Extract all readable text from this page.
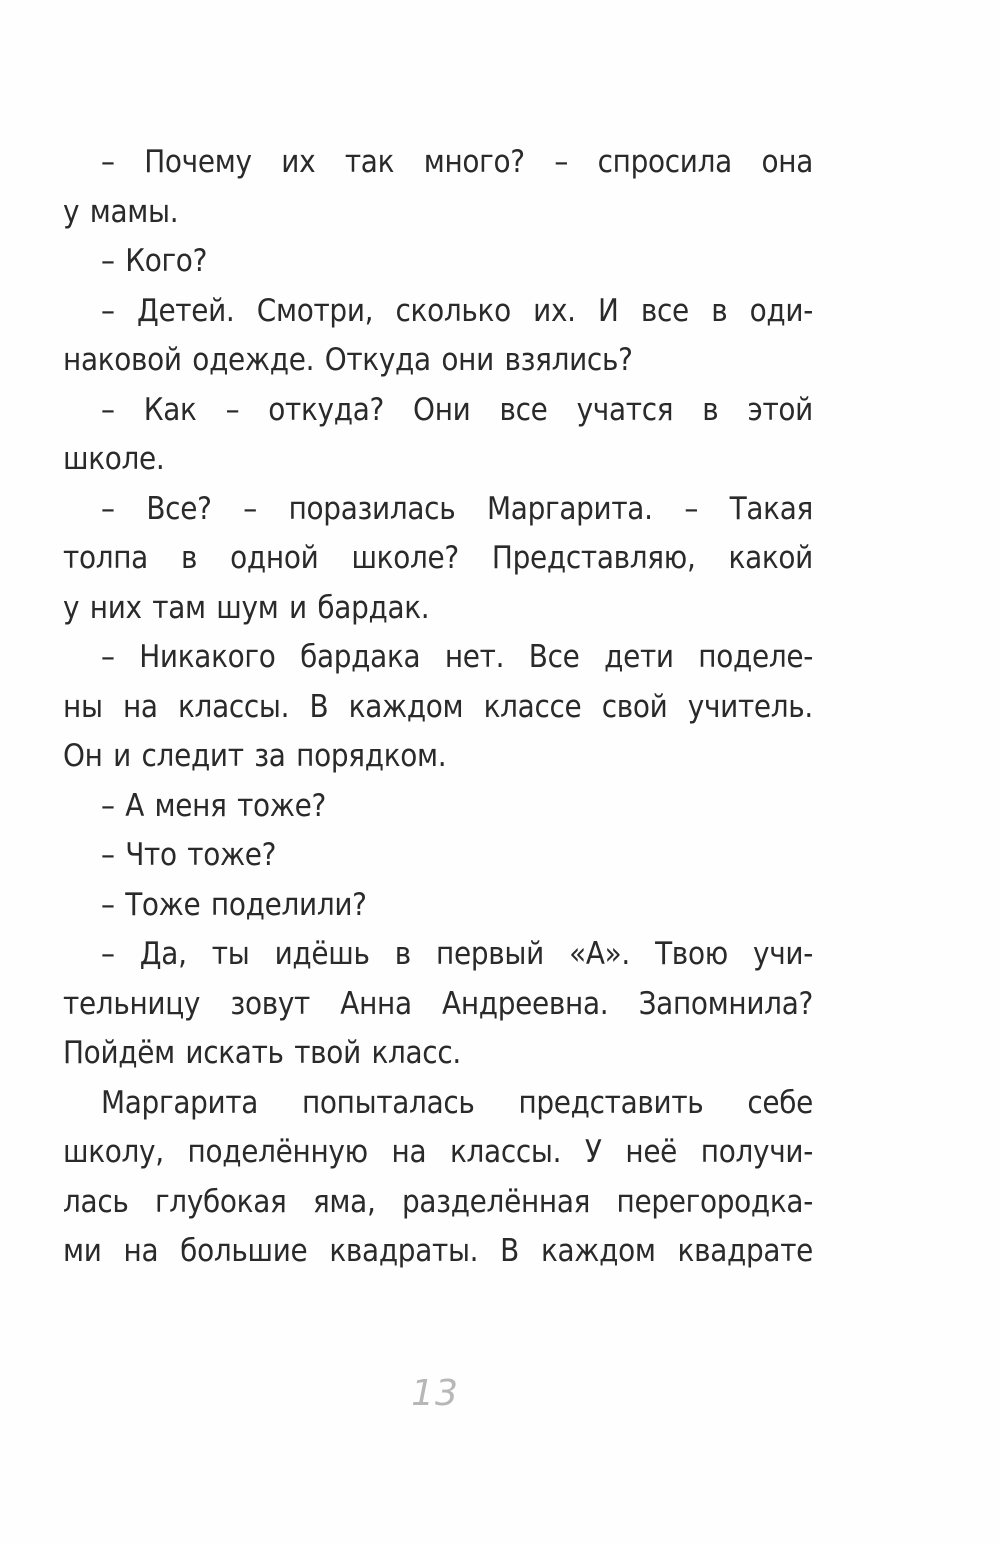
– Почему их так много? – спросила она
у мамы.
– Кого?
– Детей. Смотри, сколько их. И все в оди-
наковой одежде. Откуда они взялись?
– Как – откуда? Они все учатся в этой
школе.
– Все? – поразилась Маргарита. – Такая
толпа в одной школе? Представляю, какой
у них там шум и бардак.
– Никакого бардака нет. Все дети поделе-
ны на классы. В каждом классе свой учитель.
Он и следит за порядком.
– А меня тоже?
– Что тоже?
– Тоже поделили?
– Да, ты идёшь в первый «А». Твою учи-
тельницу зовут Анна Андреевна. Запомнила?
Пойдём искать твой класс.
Маргарита попыталась представить себе
школу, поделённую на классы. У неё получи-
лась глубокая яма, разделённая перегородка-
ми на большие квадраты. В каждом квадрате
13
